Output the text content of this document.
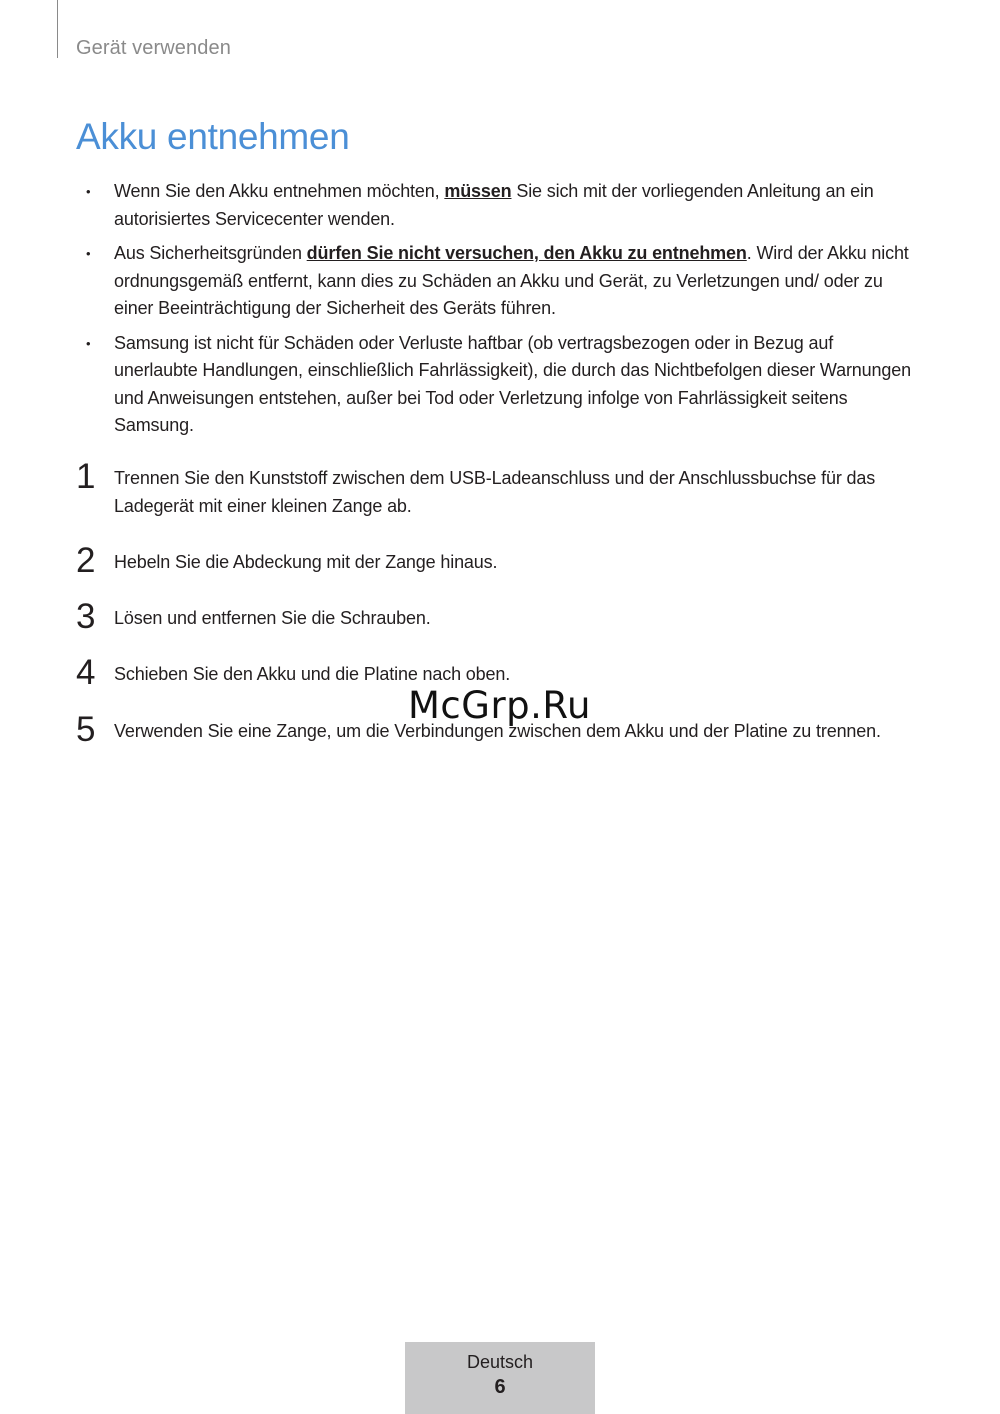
Gerät verwenden
Akku entnehmen
• Wenn Sie den Akku entnehmen möchten, müssen Sie sich mit der vorliegenden Anleitung an ein autorisiertes Servicecenter wenden.
• Aus Sicherheitsgründen dürfen Sie nicht versuchen, den Akku zu entnehmen. Wird der Akku nicht ordnungsgemäß entfernt, kann dies zu Schäden an Akku und Gerät, zu Verletzungen und/ oder zu einer Beeinträchtigung der Sicherheit des Geräts führen.
• Samsung ist nicht für Schäden oder Verluste haftbar (ob vertragsbezogen oder in Bezug auf unerlaubte Handlungen, einschließlich Fahrlässigkeit), die durch das Nichtbefolgen dieser Warnungen und Anweisungen entstehen, außer bei Tod oder Verletzung infolge von Fahrlässigkeit seitens Samsung.
1 Trennen Sie den Kunststoff zwischen dem USB-Ladeanschluss und der Anschlussbuchse für das Ladegerät mit einer kleinen Zange ab.
2 Hebeln Sie die Abdeckung mit der Zange hinaus.
3 Lösen und entfernen Sie die Schrauben.
4 Schieben Sie den Akku und die Platine nach oben.
5 Verwenden Sie eine Zange, um die Verbindungen zwischen dem Akku und der Platine zu trennen.
McGrp.Ru
Deutsch
6
